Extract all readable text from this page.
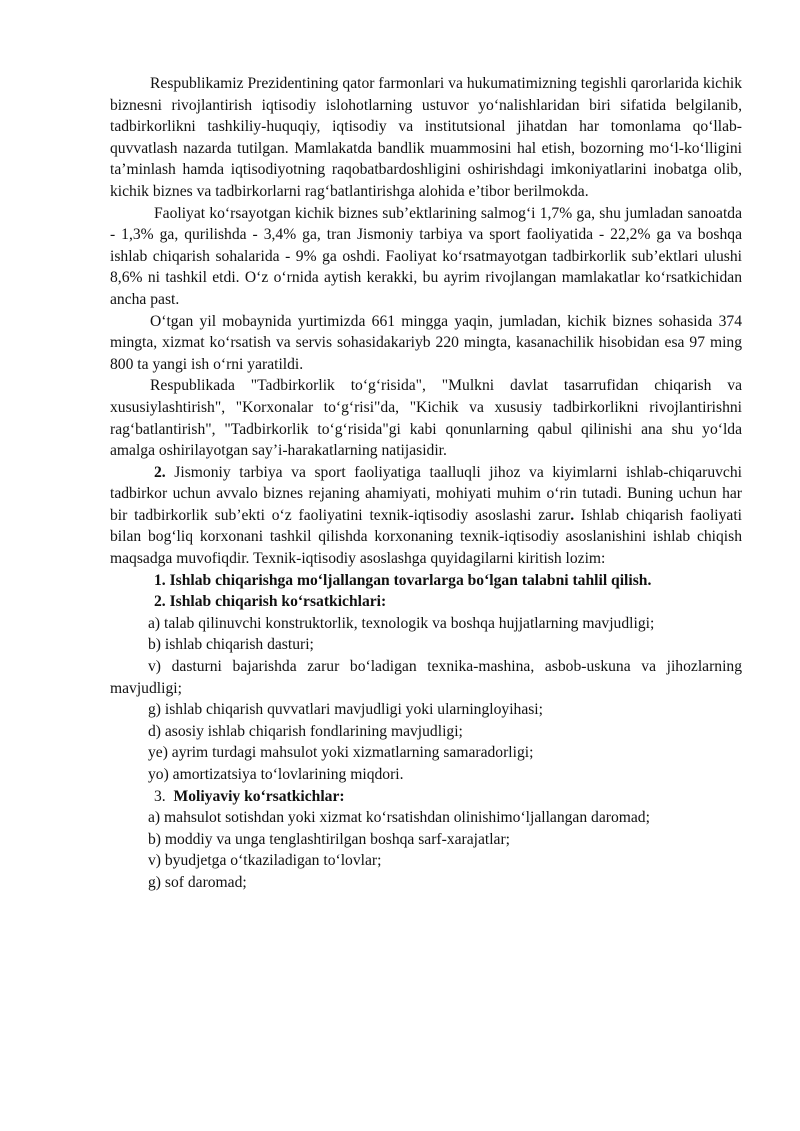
Respublikamiz Prezidentining qator farmonlari va hukumatimizning tegishli qarorlarida kichik biznesni rivojlantirish iqtisodiy islohotlarning ustuvor yo‘nalishlaridan biri sifatida belgilanib, tadbirkorlikni tashkiliy-huquqiy, iqtisodiy va institutsional jihatdan har tomonlama qo‘llab-quvvatlash nazarda tutilgan. Mamlakatda bandlik muammosini hal etish, bozorning mo‘l-ko‘lligini ta’minlash hamda iqtisodiyotning raqobatbardoshligini oshirishdagi imkoniyatlarini inobatga olib, kichik biznes va tadbirkorlarni rag‘batlantirishga alohida e’tibor berilmokda.

Faoliyat ko‘rsayotgan kichik biznes sub’ektlarining salmog‘i 1,7% ga, shu jumladan sanoatda - 1,3% ga, qurilishda - 3,4% ga, tran Jismoniy tarbiya va sport faoliyatida - 22,2% ga va boshqa ishlab chiqarish sohalarida - 9% ga oshdi. Faoliyat ko‘rsatmayotgan tadbirkorlik sub’ektlari ulushi 8,6% ni tashkil etdi. O‘z o‘rnida aytish kerakki, bu ayrim rivojlangan mamlakatlar ko‘rsatkichidan ancha past.

O‘tgan yil mobaynida yurtimizda 661 mingga yaqin, jumladan, kichik biznes sohasida 374 mingta, xizmat ko‘rsatish va servis sohasidakariyb 220 mingta, kasanachilik hisobidan esa 97 ming 800 ta yangi ish o‘rni yaratildi.

Respublikada "Tadbirkorlik to‘g‘risida", "Mulkni davlat tasarrufidan chiqarish va xususiylashtirish", "Korxonalar to‘g‘risi"da, "Kichik va xususiy tadbirkorlikni rivojlantirishni rag‘batlantirish", "Tadbirkorlik to‘g‘risida"gi kabi qonunlarning qabul qilinishi ana shu yo‘lda amalga oshirilayotgan say’i-harakatlarning natijasidir.

2. Jismoniy tarbiya va sport faoliyatiga taalluqli jihoz va kiyimlarni ishlab-chiqaruvchi tadbirkor uchun avvalo biznes rejaning ahamiyati, mohiyati muhim o‘rin tutadi. Buning uchun har bir tadbirkorlik sub’ekti o‘z faoliyatini texnik-iqtisodiy asoslashi zarur. Ishlab chiqarish faoliyati bilan bog‘liq korxonani tashkil qilishda korxonaning texnik-iqtisodiy asoslanishini ishlab chiqish maqsadga muvofiqdir. Texnik-iqtisodiy asoslashga quyidagilarni kiritish lozim:

1. Ishlab chiqarishga mo‘ljallangan tovarlarga bo‘lgan talabni tahlil qilish.

2. Ishlab chiqarish ko‘rsatkichlari:

a) talab qilinuvchi konstruktorlik, texnologik va boshqa hujjatlarning mavjudligi;

b) ishlab chiqarish dasturi;

v) dasturni bajarishda zarur bo‘ladigan texnika-mashina, asbob-uskuna va jihozlarning mavjudligi;

g) ishlab chiqarish quvvatlari mavjudligi yoki ularningloyihasi;

d) asosiy ishlab chiqarish fondlarining mavjudligi;

ye) ayrim turdagi mahsulot yoki xizmatlarning samaradorligi;

yo) amortizatsiya to‘lovlarining miqdori.

3. Moliyaviy ko‘rsatkichlar:

a) mahsulot sotishdan yoki xizmat ko‘rsatishdan olinishimo‘ljallangan daromad;

b) moddiy va unga tenglashtirilgan boshqa sarf-xarajatlar;

v) byudjetga o‘tkaziladigan to‘lovlar;

g) sof daromad;
